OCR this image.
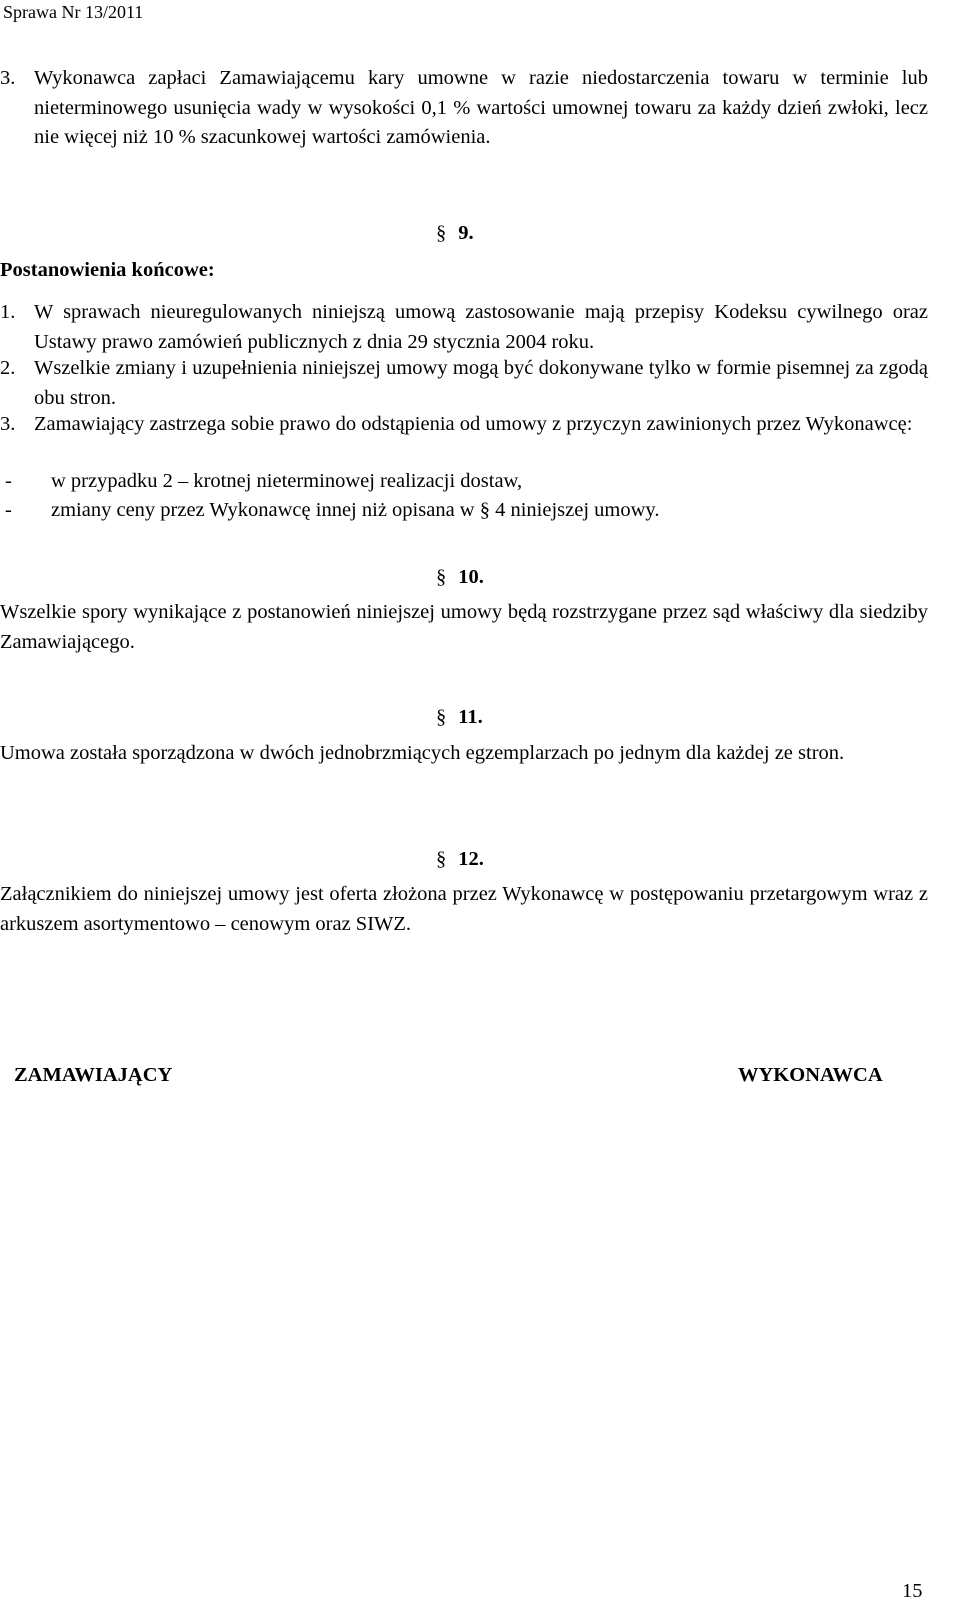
Sprawa Nr 13/2011
3. Wykonawca zapłaci Zamawiającemu kary umowne w razie niedostarczenia towaru w terminie lub nieterminowego usunięcia wady w wysokości 0,1 % wartości umownej towaru za każdy dzień zwłoki, lecz nie więcej niż 10 % szacunkowej wartości zamówienia.
§ 9.
Postanowienia końcowe:
1. W sprawach nieuregulowanych niniejszą umową zastosowanie mają przepisy Kodeksu cywilnego oraz Ustawy prawo zamówień publicznych z dnia 29 stycznia 2004 roku.
2. Wszelkie zmiany i uzupełnienia niniejszej umowy mogą być dokonywane tylko w formie pisemnej za zgodą obu stron.
3. Zamawiający zastrzega sobie prawo do odstąpienia od umowy z przyczyn zawinionych przez Wykonawcę:
-	w przypadku 2 – krotnej nieterminowej realizacji dostaw,
-	zmiany ceny przez Wykonawcę innej niż opisana w § 4 niniejszej umowy.
§ 10.
Wszelkie spory wynikające z postanowień niniejszej umowy będą rozstrzygane przez sąd właściwy dla siedziby Zamawiającego.
§ 11.
Umowa została sporządzona w dwóch jednobrzmiących egzemplarzach po jednym dla każdej ze stron.
§ 12.
Załącznikiem do niniejszej umowy jest oferta złożona przez Wykonawcę w postępowaniu przetargowym wraz z arkuszem asortymentowo – cenowym oraz SIWZ.
ZAMAWIAJĄCY	WYKONAWCA
15
